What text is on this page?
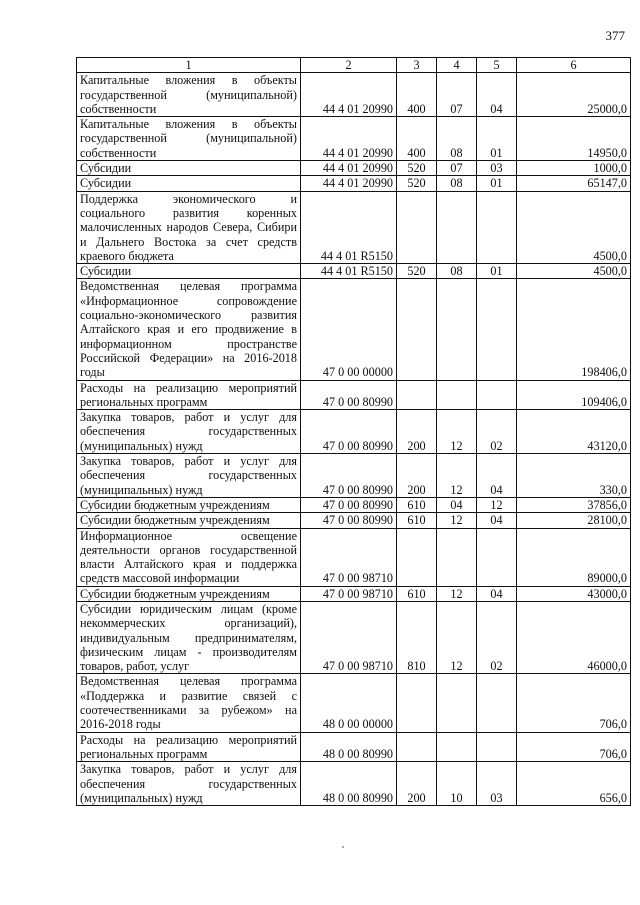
377
1	2	3	4	5	6
Капитальные вложения в объекты государственной (муниципальной) собственности	44 4 01 20990	400	07	04	25000,0
Капитальные вложения в объекты государственной (муниципальной) собственности	44 4 01 20990	400	08	01	14950,0
Субсидии	44 4 01 20990	520	07	03	1000,0
Субсидии	44 4 01 20990	520	08	01	65147,0
Поддержка экономического и социального развития коренных малочисленных народов Севера, Сибири и Дальнего Востока за счет средств краевого бюджета	44 4 01 R5150				4500,0
Субсидии	44 4 01 R5150	520	08	01	4500,0
Ведомственная целевая программа «Информационное сопровождение социально-экономического развития Алтайского края и его продвижение в информационном пространстве Российской Федерации» на 2016-2018 годы	47 0 00 00000				198406,0
Расходы на реализацию мероприятий региональных программ	47 0 00 80990				109406,0
Закупка товаров, работ и услуг для обеспечения государственных (муниципальных) нужд	47 0 00 80990	200	12	02	43120,0
Закупка товаров, работ и услуг для обеспечения государственных (муниципальных) нужд	47 0 00 80990	200	12	04	330,0
Субсидии бюджетным учреждениям	47 0 00 80990	610	04	12	37856,0
Субсидии бюджетным учреждениям	47 0 00 80990	610	12	04	28100,0
Информационное освещение деятельности органов государственной власти Алтайского края и поддержка средств массовой информации	47 0 00 98710				89000,0
Субсидии бюджетным учреждениям	47 0 00 98710	610	12	04	43000,0
Субсидии юридическим лицам (кроме некоммерческих организаций), индивидуальным предпринимателям, физическим лицам - производителям товаров, работ, услуг	47 0 00 98710	810	12	02	46000,0
Ведомственная целевая программа «Поддержка и развитие связей с соотечественниками за рубежом» на 2016-2018 годы	48 0 00 00000				706,0
Расходы на реализацию мероприятий региональных программ	48 0 00 80990				706,0
Закупка товаров, работ и услуг для обеспечения государственных (муниципальных) нужд	48 0 00 80990	200	10	03	656,0
